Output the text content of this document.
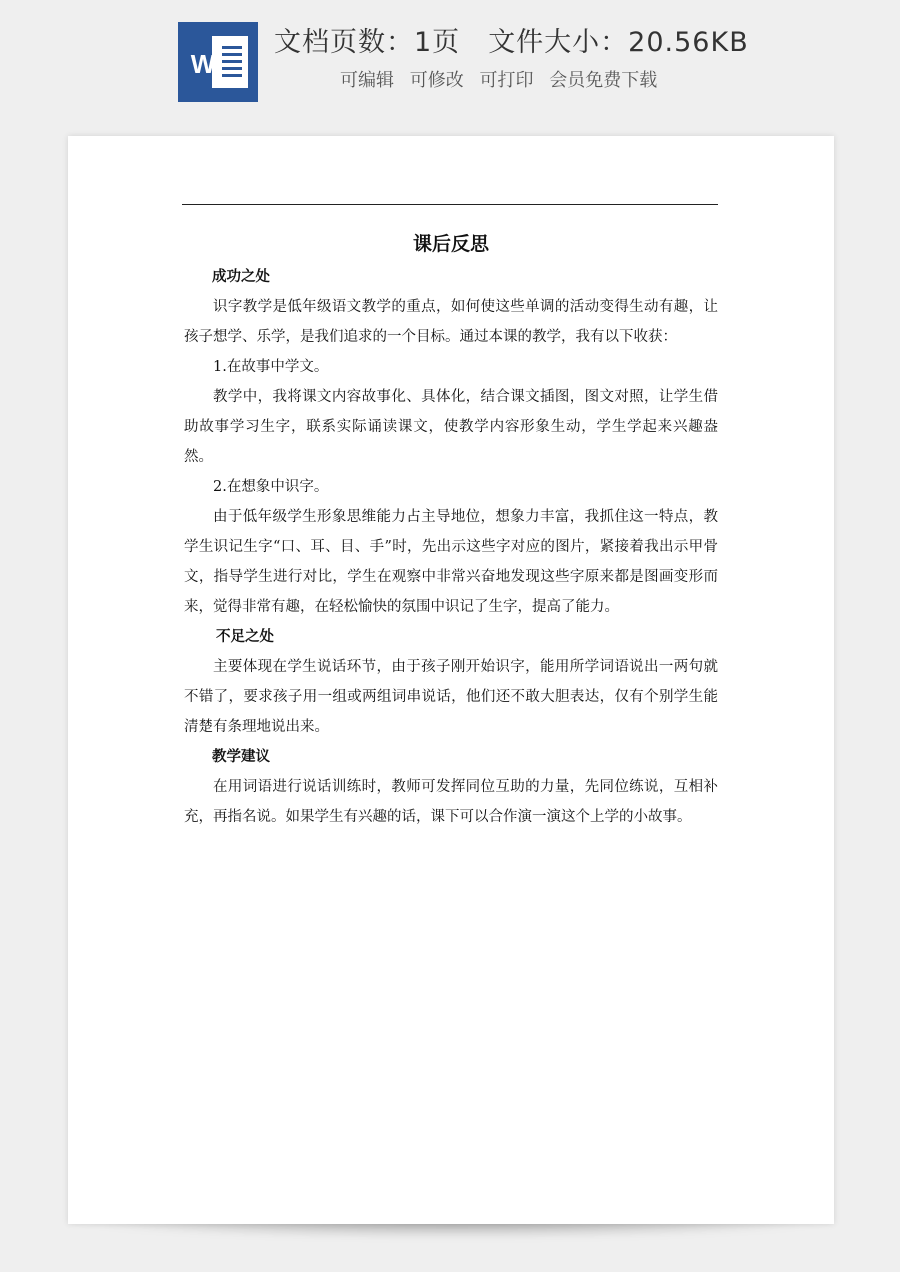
W
文档页数：1页 文件大小：20.56KB
可编辑 可修改 可打印 会员免费下载
课后反思
成功之处

识字教学是低年级语文教学的重点，如何使这些单调的活动变得生动有趣，让孩子想学、乐学，是我们追求的一个目标。通过本课的教学，我有以下收获：

1.在故事中学文。

教学中，我将课文内容故事化、具体化，结合课文插图，图文对照，让学生借助故事学习生字，联系实际诵读课文，使教学内容形象生动，学生学起来兴趣盎然。

2.在想象中识字。

由于低年级学生形象思维能力占主导地位，想象力丰富，我抓住这一特点，教学生识记生字“口、耳、目、手”时，先出示这些字对应的图片，紧接着我出示甲骨文，指导学生进行对比，学生在观察中非常兴奋地发现这些字原来都是图画变形而来，觉得非常有趣，在轻松愉快的氛围中识记了生字，提高了能力。

不足之处

主要体现在学生说话环节，由于孩子刚开始识字，能用所学词语说出一两句就不错了，要求孩子用一组或两组词串说话，他们还不敢大胆表达，仅有个别学生能清楚有条理地说出来。

教学建议

在用词语进行说话训练时，教师可发挥同位互助的力量，先同位练说，互相补充，再指名说。如果学生有兴趣的话，课下可以合作演一演这个上学的小故事。
